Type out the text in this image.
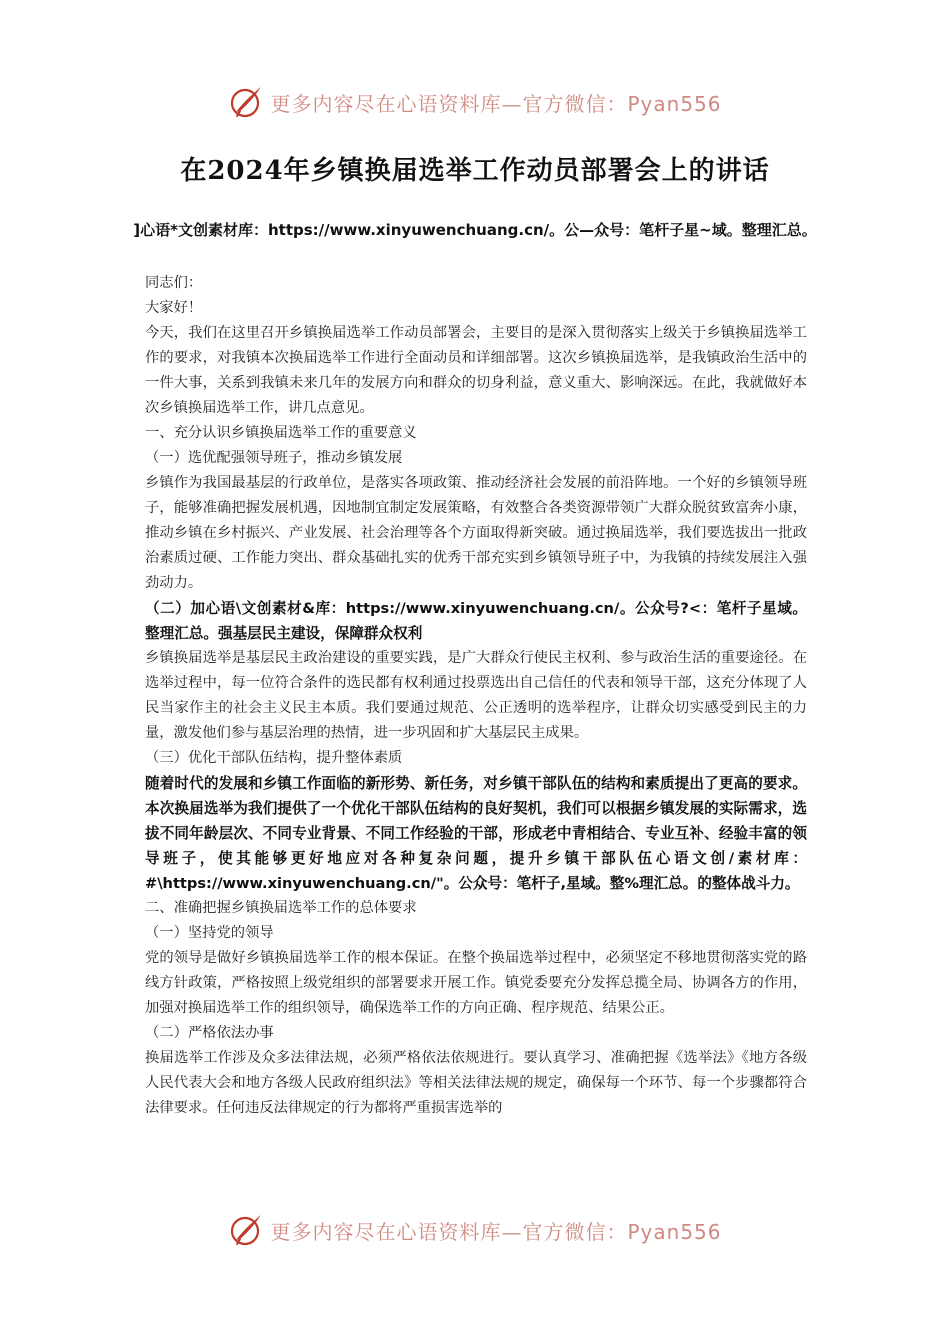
更多内容尽在心语资料库—官方微信：Pyan556
在2024年乡镇换届选举工作动员部署会上的讲话
]心语*文创素材库：https://www.xinyuwenchuang.cn/。公—众号：笔杆子星~域。整理汇总。

同志们：

大家好！

今天，我们在这里召开乡镇换届选举工作动员部署会，主要目的是深入贯彻落实上级关于乡镇换届选举工作的要求，对我镇本次换届选举工作进行全面动员和详细部署。这次乡镇换届选举，是我镇政治生活中的一件大事，关系到我镇未来几年的发展方向和群众的切身利益，意义重大、影响深远。在此，我就做好本次乡镇换届选举工作，讲几点意见。

一、充分认识乡镇换届选举工作的重要意义

（一）选优配强领导班子，推动乡镇发展

乡镇作为我国最基层的行政单位，是落实各项政策、推动经济社会发展的前沿阵地。一个好的乡镇领导班子，能够准确把握发展机遇，因地制宜制定发展策略，有效整合各类资源带领广大群众脱贫致富奔小康，推动乡镇在乡村振兴、产业发展、社会治理等各个方面取得新突破。通过换届选举，我们要选拔出一批政治素质过硬、工作能力突出、群众基础扎实的优秀干部充实到乡镇领导班子中，为我镇的持续发展注入强劲动力。

（二）加心语\文创素材&库：https://www.xinyuwenchuang.cn/。公众号?<：笔杆子星域。整理汇总。强基层民主建设，保障群众权利

乡镇换届选举是基层民主政治建设的重要实践，是广大群众行使民主权利、参与政治生活的重要途径。在选举过程中，每一位符合条件的选民都有权利通过投票选出自己信任的代表和领导干部，这充分体现了人民当家作主的社会主义民主本质。我们要通过规范、公正透明的选举程序，让群众切实感受到民主的力量，激发他们参与基层治理的热情，进一步巩固和扩大基层民主成果。

（三）优化干部队伍结构，提升整体素质

随着时代的发展和乡镇工作面临的新形势、新任务，对乡镇干部队伍的结构和素质提出了更高的要求。本次换届选举为我们提供了一个优化干部队伍结构的良好契机，我们可以根据乡镇发展的实际需求，选拔不同年龄层次、不同专业背景、不同工作经验的干部，形成老中青相结合、专业互补、经验丰富的领导班子，使其能够更好地应对各种复杂问题，提升乡镇干部队伍心语文创/素材库：#\https://www.xinyuwenchuang.cn/"。公众号：笔杆子,星域。整%理汇总。的整体战斗力。

二、准确把握乡镇换届选举工作的总体要求

（一）坚持党的领导

党的领导是做好乡镇换届选举工作的根本保证。在整个换届选举过程中，必须坚定不移地贯彻落实党的路线方针政策，严格按照上级党组织的部署要求开展工作。镇党委要充分发挥总揽全局、协调各方的作用，加强对换届选举工作的组织领导，确保选举工作的方向正确、程序规范、结果公正。

（二）严格依法办事

换届选举工作涉及众多法律法规，必须严格依法依规进行。要认真学习、准确把握《选举法》《地方各级人民代表大会和地方各级人民政府组织法》等相关法律法规的规定，确保每一个环节、每一个步骤都符合法律要求。任何违反法律规定的行为都将严重损害选举的

更多内容尽在心语资料库—官方微信：Pyan556
